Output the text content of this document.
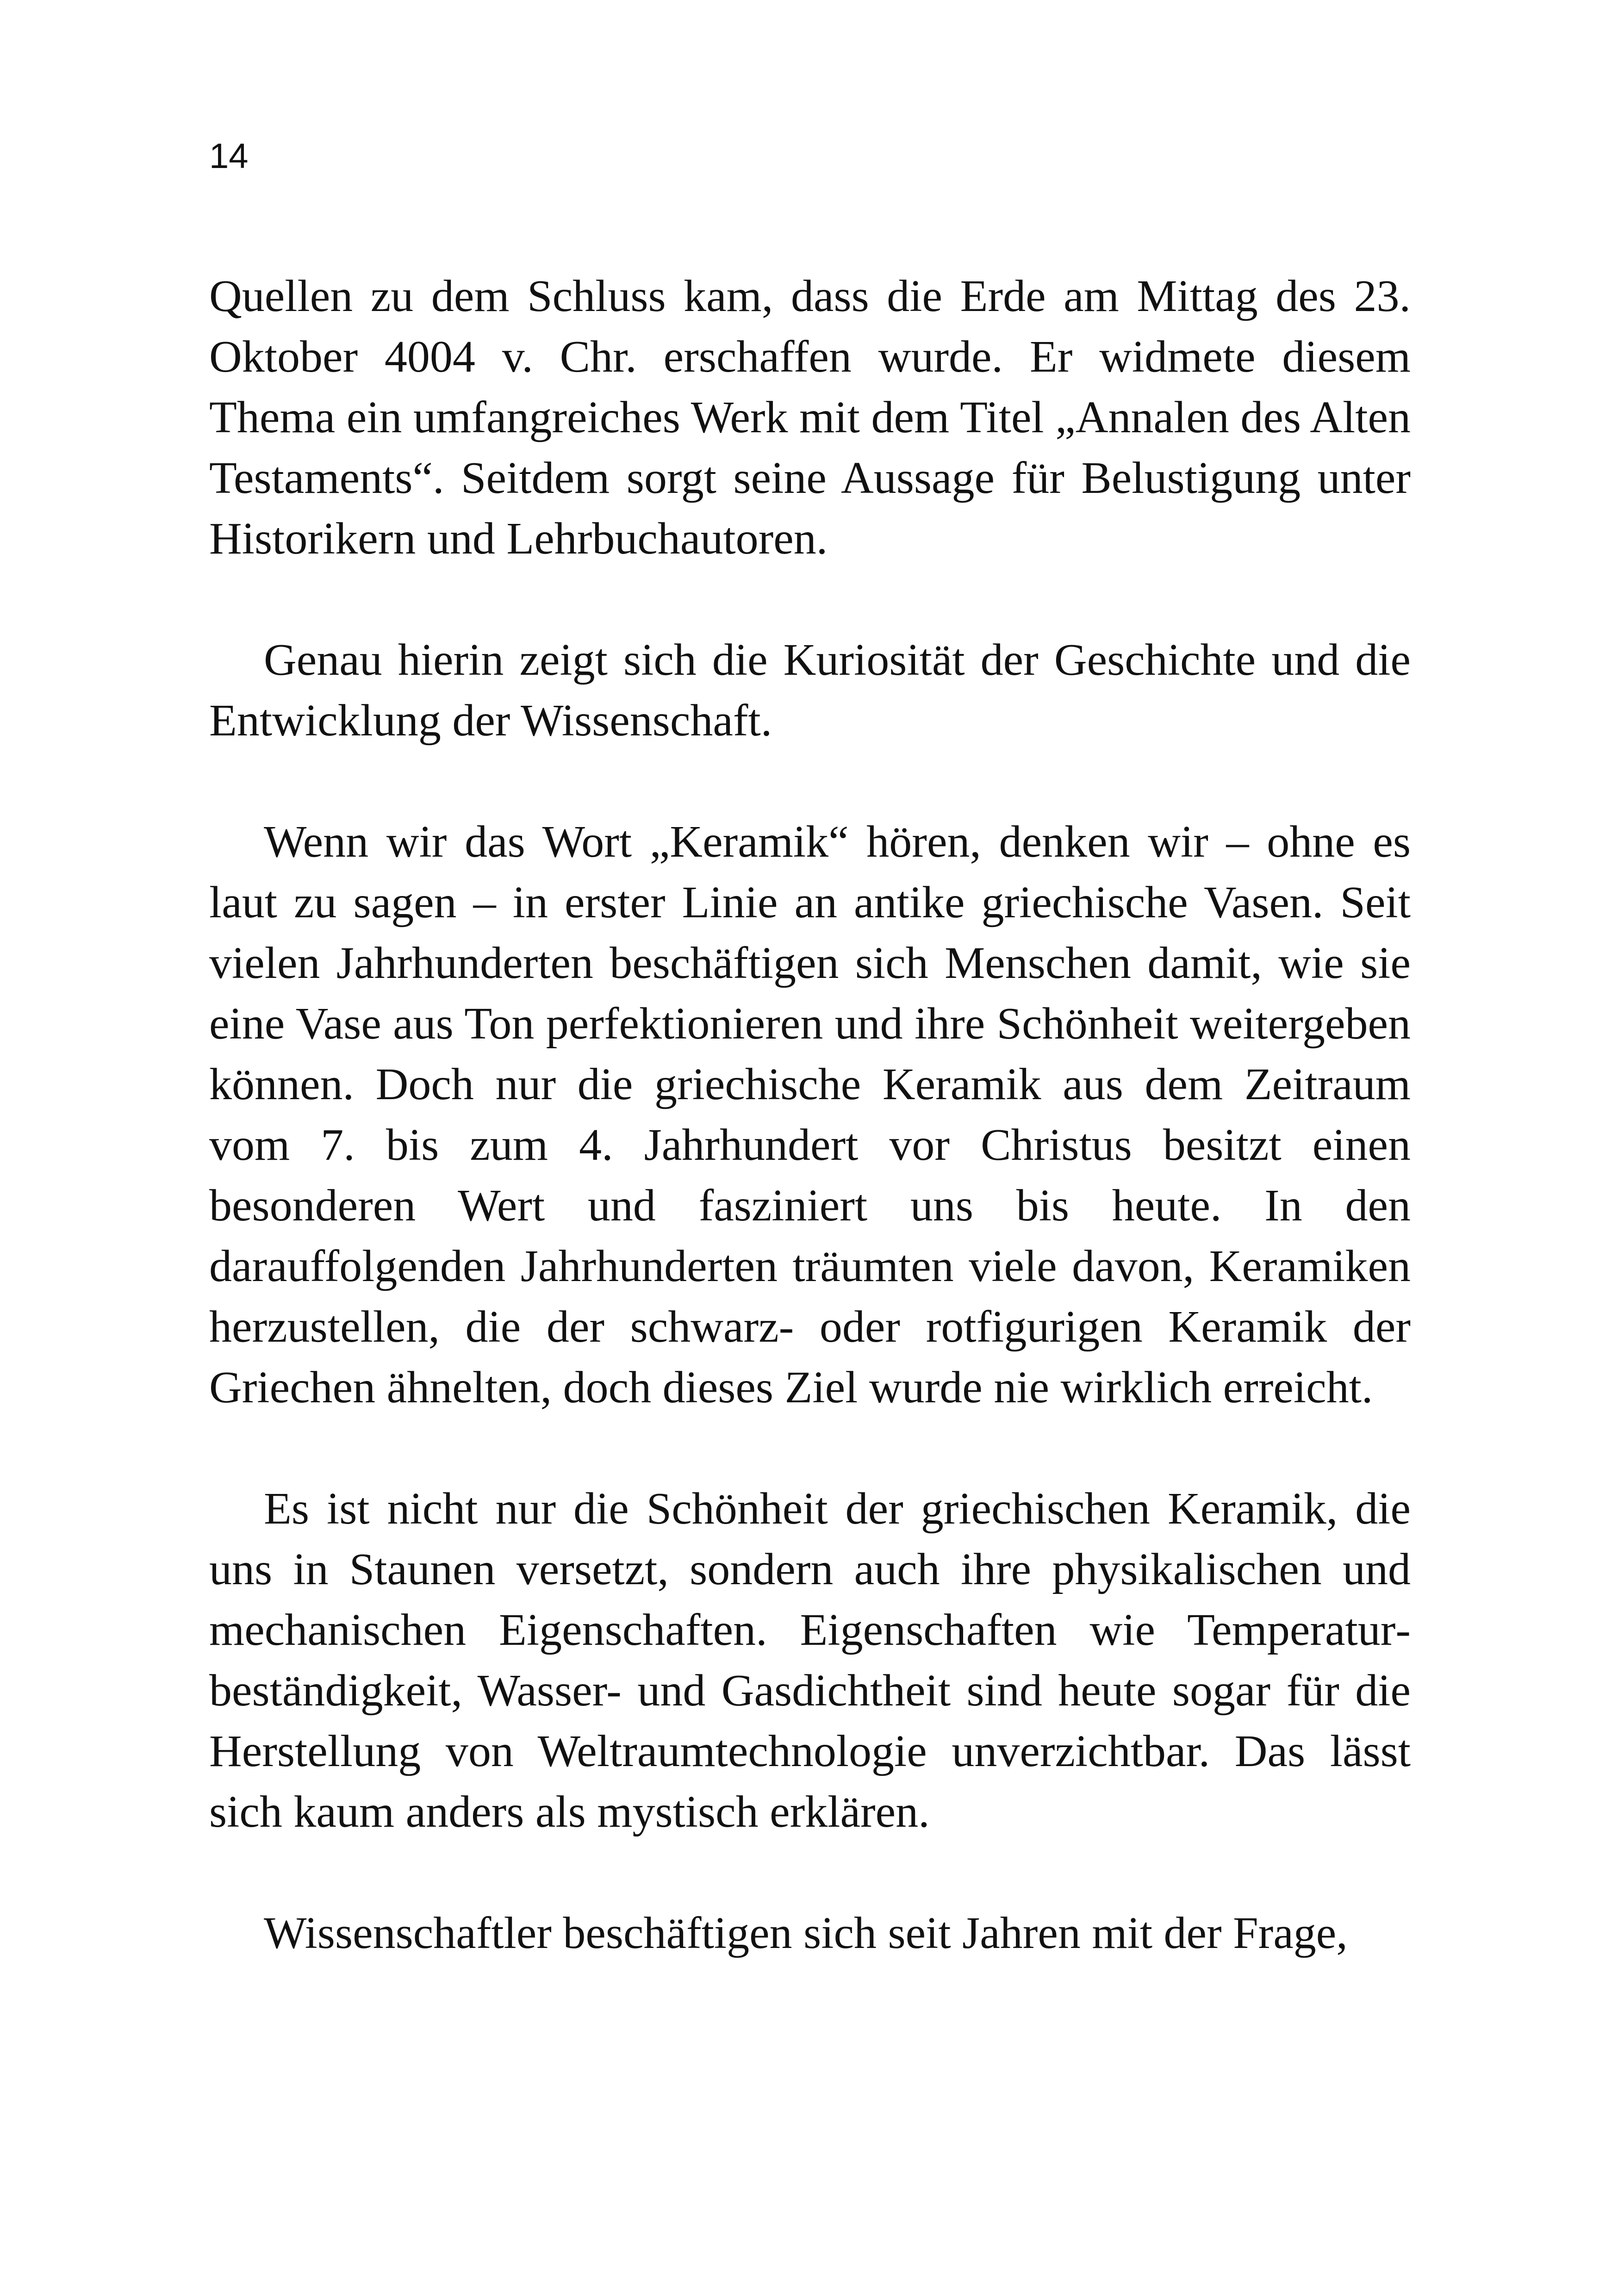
14

Quellen zu dem Schluss kam, dass die Erde am Mittag des 23. Oktober 4004 v. Chr. erschaffen wurde. Er widmete diesem Thema ein umfangreiches Werk mit dem Titel „Annalen des Alten Testaments“. Seitdem sorgt seine Aussage für Belustigung unter Historikern und Lehrbuchautoren.

Genau hierin zeigt sich die Kuriosität der Geschichte und die Entwicklung der Wissenschaft.

Wenn wir das Wort „Keramik“ hören, denken wir – ohne es laut zu sagen – in erster Linie an antike griechische Vasen. Seit vielen Jahrhunderten beschäftigen sich Menschen damit, wie sie eine Vase aus Ton perfektionieren und ihre Schönheit weitergeben können. Doch nur die griechische Keramik aus dem Zeitraum vom 7. bis zum 4. Jahrhundert vor Christus besitzt einen besonderen Wert und fasziniert uns bis heute. In den darauffolgenden Jahrhunderten träumten viele davon, Keramiken herzustellen, die der schwarz- oder rotfigurigen Keramik der Griechen ähnelten, doch dieses Ziel wurde nie wirklich erreicht.

Es ist nicht nur die Schönheit der griechischen Keramik, die uns in Staunen versetzt, sondern auch ihre physikalischen und mechanischen Eigenschaften. Eigenschaften wie Temperaturbeständigkeit, Wasser- und Gasdichtheit sind heute sogar für die Herstellung von Weltraumtechnologie unverzichtbar. Das lässt sich kaum anders als mystisch erklären.

Wissenschaftler beschäftigen sich seit Jahren mit der Frage,
